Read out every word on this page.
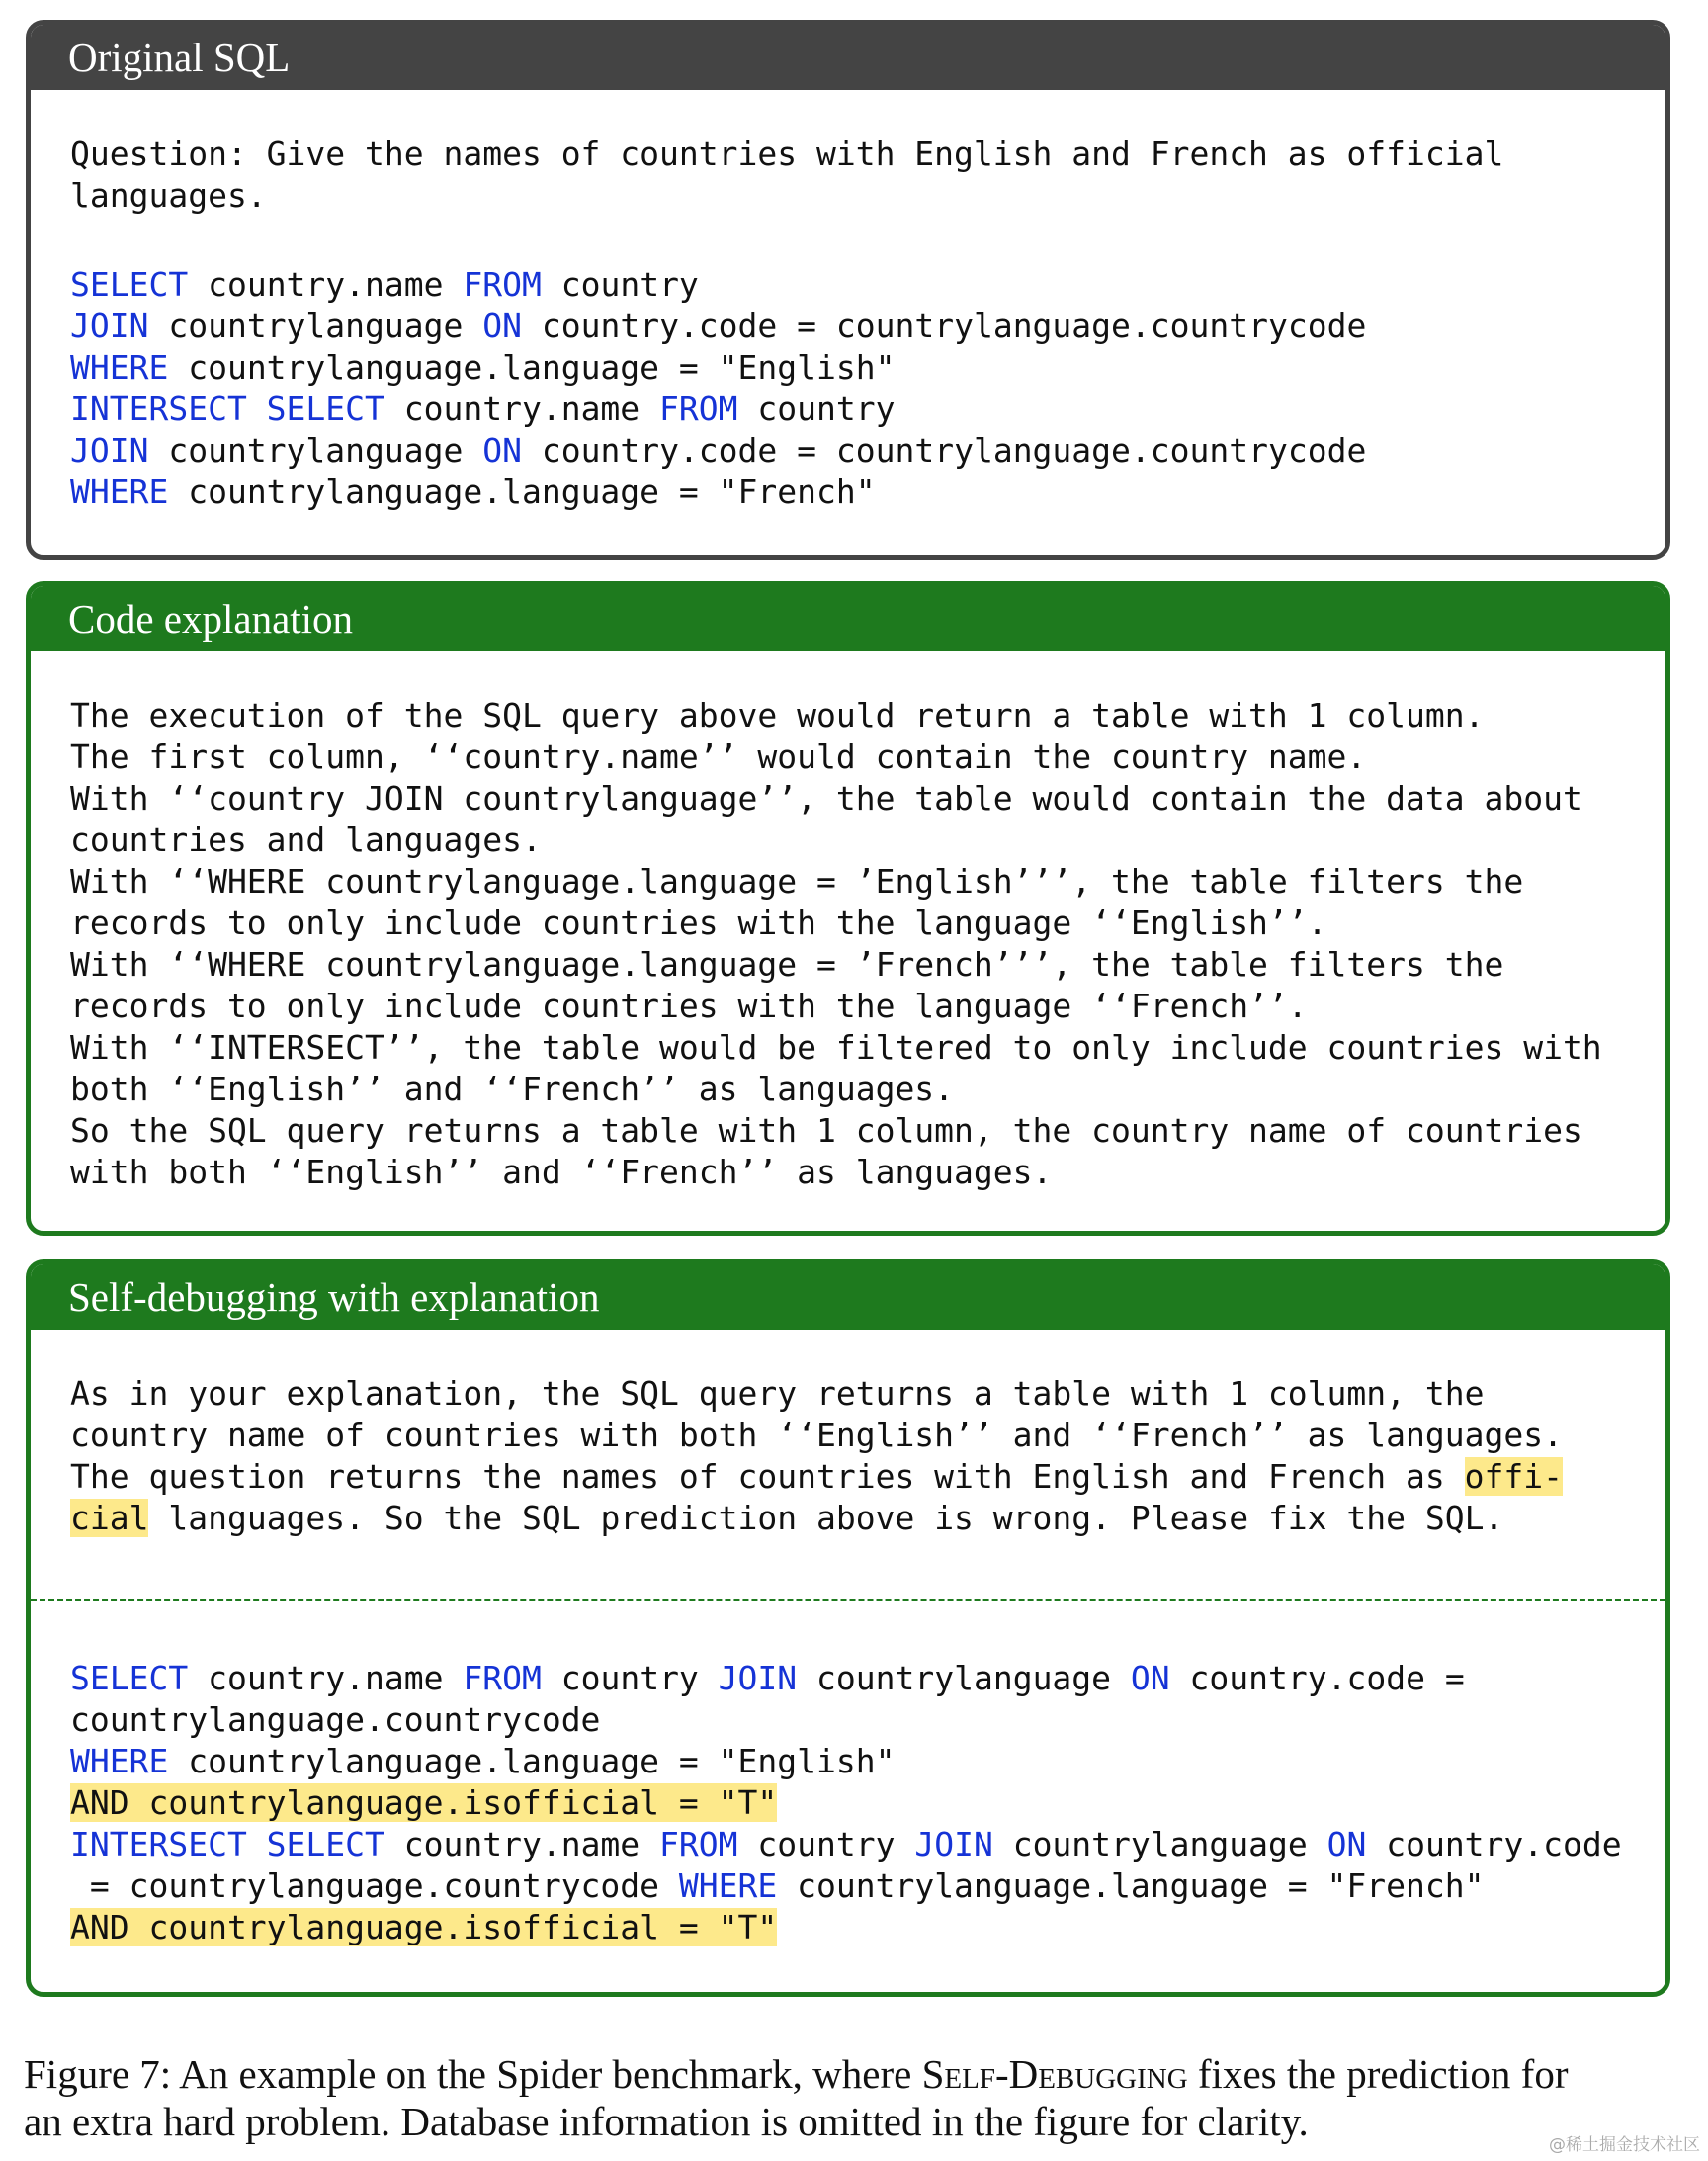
Original SQL
Question: Give the names of countries with English and French as official
languages.
SELECT country.name FROM country
JOIN countrylanguage ON country.code = countrylanguage.countrycode
WHERE countrylanguage.language = "English"
INTERSECT SELECT country.name FROM country
JOIN countrylanguage ON country.code = countrylanguage.countrycode
WHERE countrylanguage.language = "French"
Code explanation
The execution of the SQL query above would return a table with 1 column.
The first column, ‘‘country.name’’ would contain the country name.
With ‘‘country JOIN countrylanguage’’, the table would contain the data about
countries and languages.
With ‘‘WHERE countrylanguage.language = ’English’’’, the table filters the
records to only include countries with the language ‘‘English’’.
With ‘‘WHERE countrylanguage.language = ’French’’’, the table filters the
records to only include countries with the language ‘‘French’’.
With ‘‘INTERSECT’’, the table would be filtered to only include countries with
both ‘‘English’’ and ‘‘French’’ as languages.
So the SQL query returns a table with 1 column, the country name of countries
with both ‘‘English’’ and ‘‘French’’ as languages.
Self-debugging with explanation
As in your explanation, the SQL query returns a table with 1 column, the
country name of countries with both ‘‘English’’ and ‘‘French’’ as languages.
The question returns the names of countries with English and French as offi-
cial languages. So the SQL prediction above is wrong. Please fix the SQL.
SELECT country.name FROM country JOIN countrylanguage ON country.code =
countrylanguage.countrycode
WHERE countrylanguage.language = "English"
AND countrylanguage.isofficial = "T"
INTERSECT SELECT country.name FROM country JOIN countrylanguage ON country.code
= countrylanguage.countrycode WHERE countrylanguage.language = "French"
AND countrylanguage.isofficial = "T"
Figure 7: An example on the Spider benchmark, where Self-Debugging fixes the prediction for
an extra hard problem. Database information is omitted in the figure for clarity.
@稀土掘金技术社区
